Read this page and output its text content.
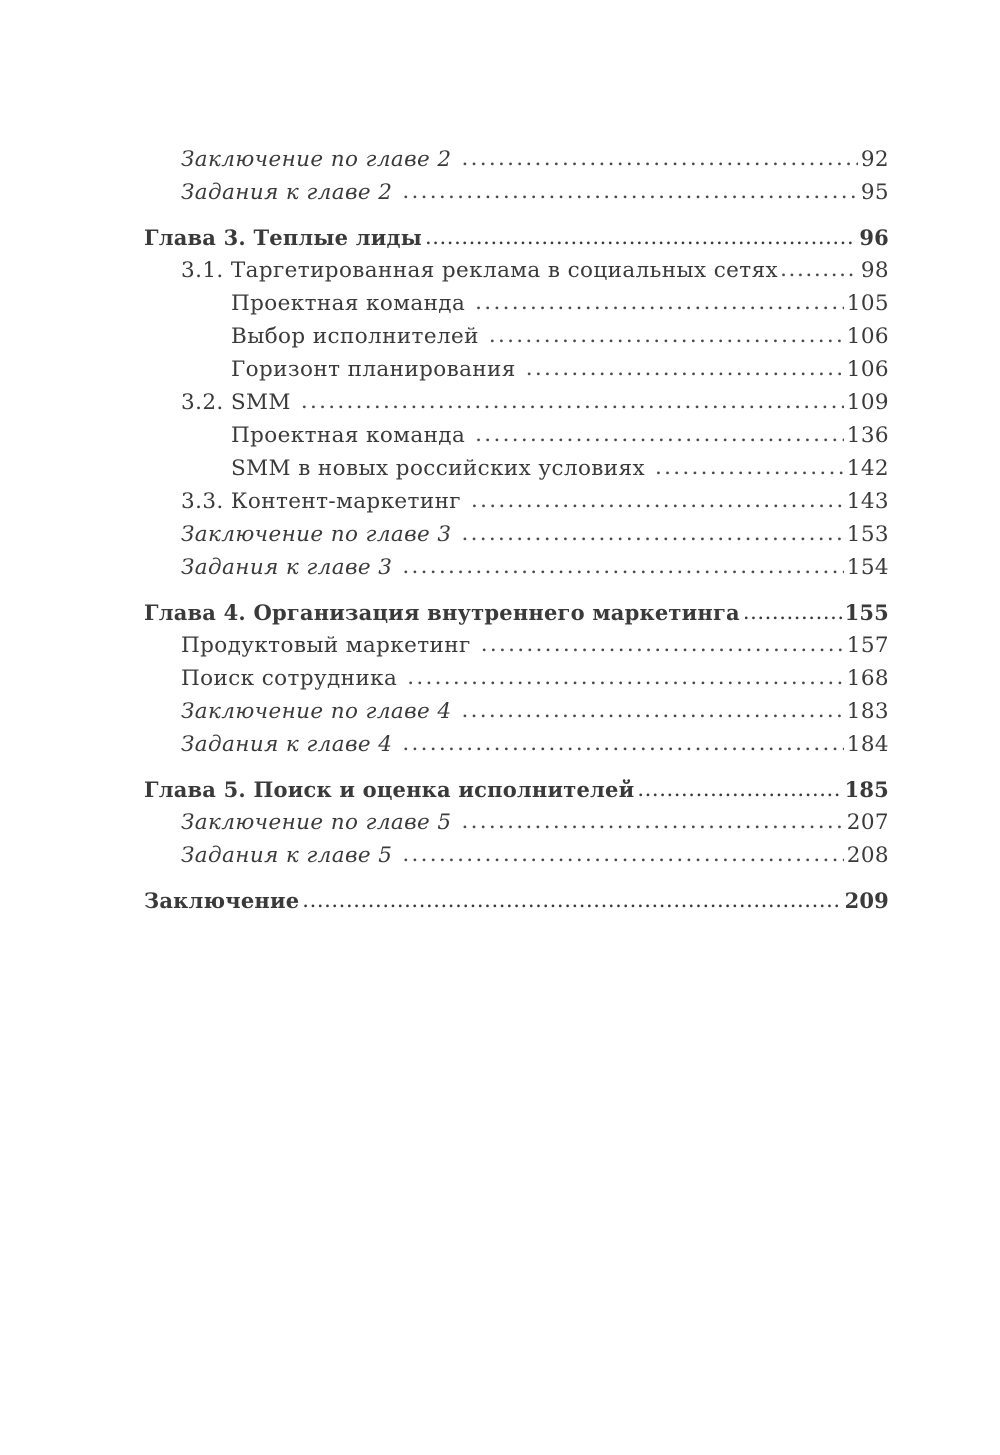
Заключение по главе 2 .....	92
Задания к главе 2 .....	95
Глава 3. Теплые лиды .....	96
3.1. Таргетированная реклама в социальных сетях .....	98
Проектная команда .....	105
Выбор исполнителей .....	106
Горизонт планирования .....	106
3.2. SMM .....	109
Проектная команда .....	136
SMM в новых российских условиях .....	142
3.3. Контент-маркетинг .....	143
Заключение по главе 3 .....	153
Задания к главе 3 .....	154
Глава 4. Организация внутреннего маркетинга .....	155
Продуктовый маркетинг .....	157
Поиск сотрудника .....	168
Заключение по главе 4 .....	183
Задания к главе 4 .....	184
Глава 5. Поиск и оценка исполнителей .....	185
Заключение по главе 5 .....	207
Задания к главе 5 .....	208
Заключение .....	209
